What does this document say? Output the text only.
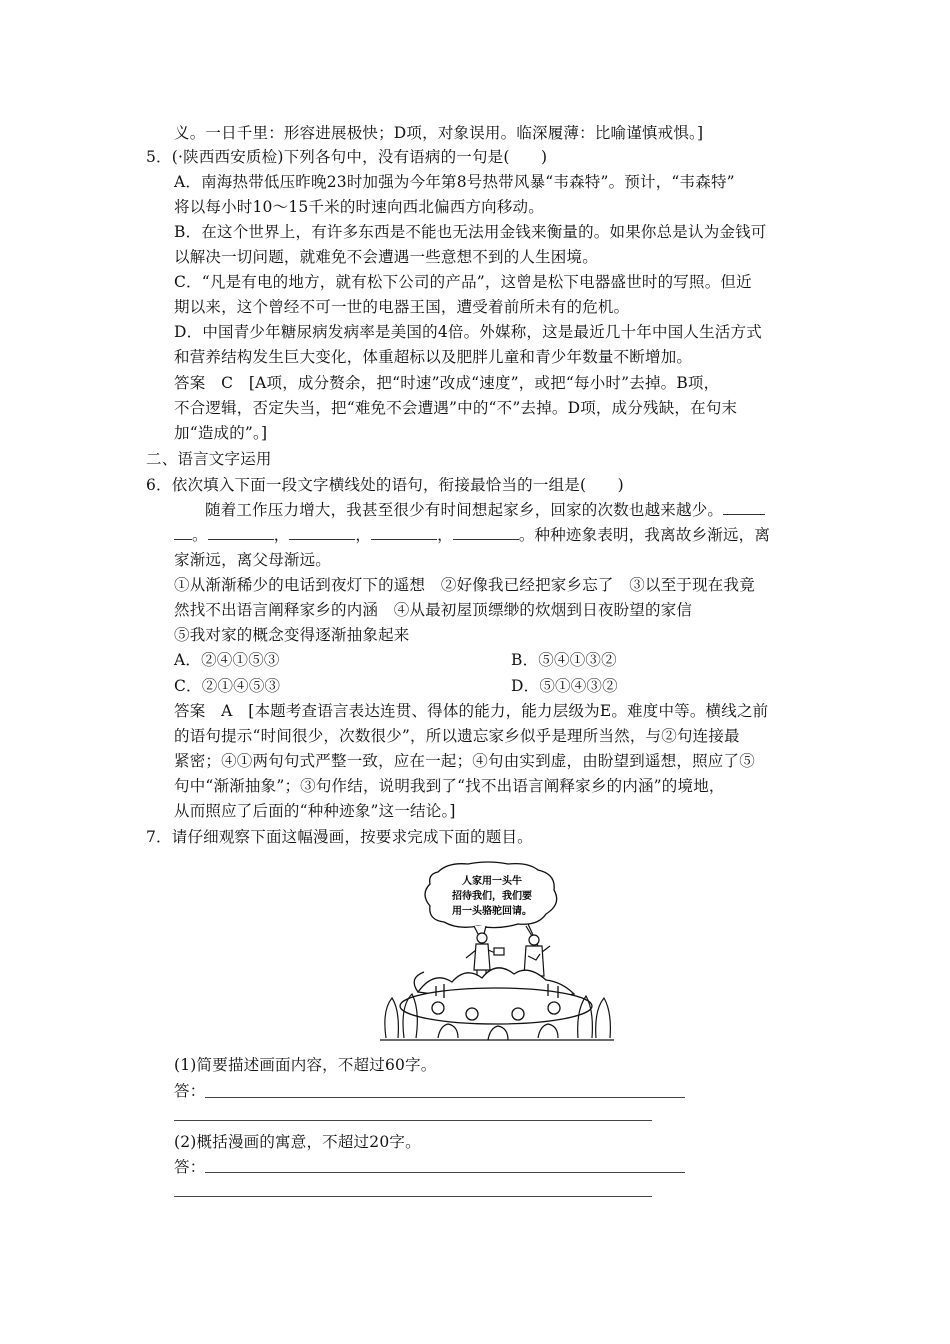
义。一日千里：形容进展极快；D项，对象误用。临深履薄：比喻谨慎戒惧。]
5．(·陕西西安质检)下列各句中，没有语病的一句是(　　)
A．南海热带低压昨晚23时加强为今年第8号热带风暴“韦森特”。预计，“韦森特”
将以每小时10～15千米的时速向西北偏西方向移动。
B．在这个世界上，有许多东西是不能也无法用金钱来衡量的。如果你总是认为金钱可
以解决一切问题，就难免不会遭遇一些意想不到的人生困境。
C．“凡是有电的地方，就有松下公司的产品”，这曾是松下电器盛世时的写照。但近
期以来，这个曾经不可一世的电器王国，遭受着前所未有的危机。
D．中国青少年糖尿病发病率是美国的4倍。外媒称，这是最近几十年中国人生活方式
和营养结构发生巨大变化，体重超标以及肥胖儿童和青少年数量不断增加。
答案　C　[A项，成分赘余，把“时速”改成“速度”，或把“每小时”去掉。B项，
不合逻辑，否定失当，把“难免不会遭遇”中的“不”去掉。D项，成分残缺，在句末
加“造成的”。]
二、语言文字运用
6．依次填入下面一段文字横线处的语句，衔接最恰当的一组是(　　)
随着工作压力增大，我甚至很少有时间想起家乡，回家的次数也越来越少。
。	，	，	，	。种种迹象表明，我离故乡渐远，离
家渐远，离父母渐远。
①从渐渐稀少的电话到夜灯下的遥想　②好像我已经把家乡忘了　③以至于现在我竟
然找不出语言阐释家乡的内涵　④从最初屋顶缥缈的炊烟到日夜盼望的家信
⑤我对家的概念变得逐渐抽象起来
A．②④①⑤③	B．⑤④①③②
C．②①④⑤③	D．⑤①④③②
答案　A　[本题考查语言表达连贯、得体的能力，能力层级为E。难度中等。横线之前
的语句提示“时间很少，次数很少”，所以遗忘家乡似乎是理所当然，与②句连接最
紧密；④①两句句式严整一致，应在一起；④句由实到虚，由盼望到遥想，照应了⑤
句中“渐渐抽象”；③句作结，说明我到了“找不出语言阐释家乡的内涵”的境地，
从而照应了后面的“种种迹象”这一结论。]
7．请仔细观察下面这幅漫画，按要求完成下面的题目。
人家用一头牛
招待我们，我们要
用一头骆驼回请。
(1)简要描述画面内容，不超过60字。
答：
(2)概括漫画的寓意，不超过20字。
答：
